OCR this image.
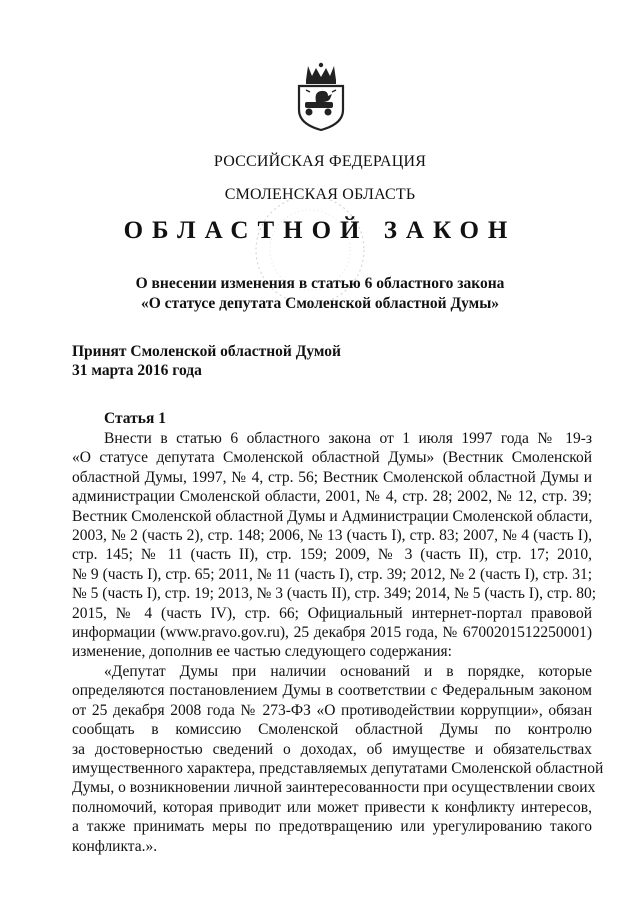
РОССИЙСКАЯ ФЕДЕРАЦИЯ
СМОЛЕНСКАЯ ОБЛАСТЬ
ОБЛАСТНОЙ ЗАКОН
О внесении изменения в статью 6 областного закона
«О статусе депутата Смоленской областной Думы»
Принят Смоленской областной Думой
31 марта 2016 года
Статья 1
Внести в статью 6 областного закона от 1 июля 1997 года № 19-з
«О статусе депутата Смоленской областной Думы» (Вестник Смоленской
областной Думы, 1997, № 4, стр. 56; Вестник Смоленской областной Думы и
администрации Смоленской области, 2001, № 4, стр. 28; 2002, № 12, стр. 39;
Вестник Смоленской областной Думы и Администрации Смоленской области,
2003, № 2 (часть 2), стр. 148; 2006, № 13 (часть I), стр. 83; 2007, № 4 (часть I),
стр. 145; № 11 (часть II), стр. 159; 2009, № 3 (часть II), стр. 17; 2010,
№ 9 (часть I), стр. 65; 2011, № 11 (часть I), стр. 39; 2012, № 2 (часть I), стр. 31;
№ 5 (часть I), стр. 19; 2013, № 3 (часть II), стр. 349; 2014, № 5 (часть I), стр. 80;
2015, № 4 (часть IV), стр. 66; Официальный интернет-портал правовой
информации (www.pravo.gov.ru), 25 декабря 2015 года, № 6700201512250001)
изменение, дополнив ее частью следующего содержания:
«Депутат Думы при наличии оснований и в порядке, которые
определяются постановлением Думы в соответствии с Федеральным законом
от 25 декабря 2008 года № 273-ФЗ «О противодействии коррупции», обязан
сообщать в комиссию Смоленской областной Думы по контролю
за достоверностью сведений о доходах, об имуществе и обязательствах
имущественного характера, представляемых депутатами Смоленской областной
Думы, о возникновении личной заинтересованности при осуществлении своих
полномочий, которая приводит или может привести к конфликту интересов,
а также принимать меры по предотвращению или урегулированию такого
конфликта.».
